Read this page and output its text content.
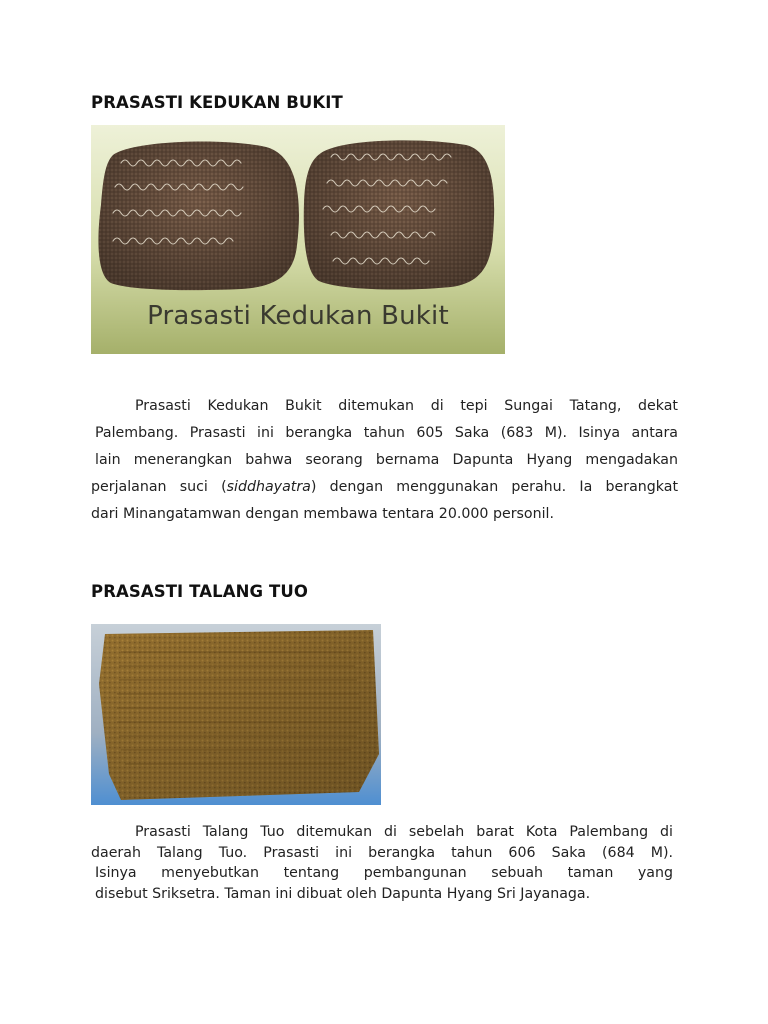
PRASASTI KEDUKAN BUKIT
Prasasti Kedukan Bukit

Prasasti Kedukan Bukit ditemukan di tepi Sungai Tatang, dekat
Palembang. Prasasti ini berangka tahun 605 Saka (683 M). Isinya antara
lain menerangkan bahwa seorang bernama Dapunta Hyang mengadakan
perjalanan suci (siddhayatra) dengan menggunakan perahu. Ia berangkat
dari Minangatamwan dengan membawa tentara 20.000 personil.

PRASASTI TALANG TUO

Prasasti Talang Tuo ditemukan di sebelah barat Kota Palembang di
daerah Talang Tuo. Prasasti ini berangka tahun 606 Saka (684 M).
Isinya menyebutkan tentang pembangunan sebuah taman yang
disebut Sriksetra. Taman ini dibuat oleh Dapunta Hyang Sri Jayanaga.
